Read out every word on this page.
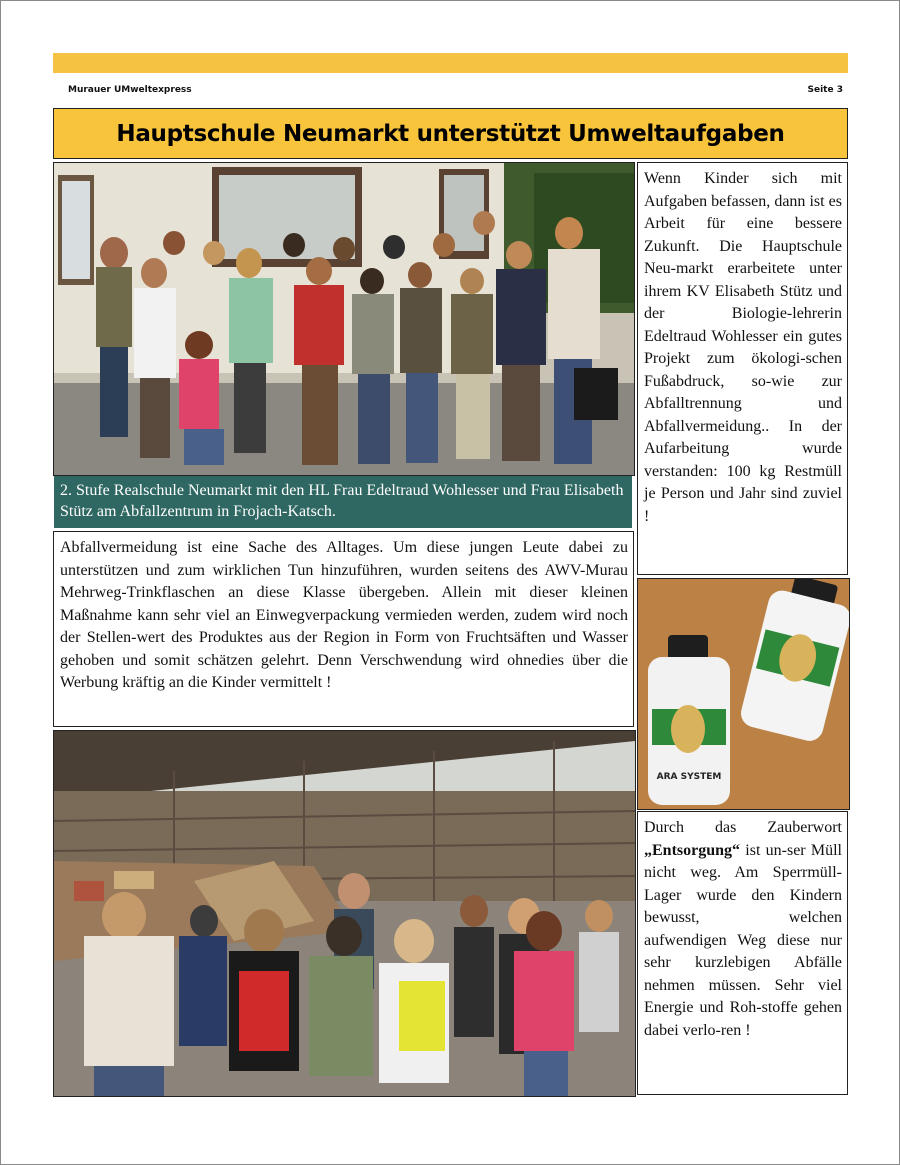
Murauer UMweltexpress	Seite 3
Hauptschule Neumarkt unterstützt Umweltaufgaben
2. Stufe Realschule Neumarkt mit den HL Frau Edeltraud Wohlesser und Frau Elisabeth Stütz am Abfallzentrum in Frojach-Katsch.

Abfallvermeidung ist eine Sache des Alltages. Um diese jungen Leute dabei zu unterstützen und zum wirklichen Tun hinzuführen, wurden seitens des AWV-Murau Mehrweg-Trinkflaschen an diese Klasse übergeben. Allein mit dieser kleinen Maßnahme kann sehr viel an Einwegverpackung vermieden werden, zudem wird noch der Stellen-wert des Produktes aus der Region in Form von Fruchtsäften und Wasser gehoben und somit schätzen gelehrt. Denn Verschwendung wird ohnedies über die Werbung kräftig an die Kinder vermittelt !

Wenn Kinder sich mit Aufgaben befassen, dann ist es Arbeit für eine bessere Zukunft. Die Hauptschule Neu-markt erarbeitete unter ihrem KV Elisabeth Stütz und der Biologie-lehrerin Edeltraud Wohlesser ein gutes Projekt zum ökologi-schen Fußabdruck, so-wie zur Abfalltrennung und Abfallvermeidung.. In der Aufarbeitung wurde verstanden: 100 kg Restmüll je Person und Jahr sind zuviel !

ARA SYSTEM

Durch das Zauberwort „Entsorgung“ ist un-ser Müll nicht weg. Am Sperrmüll-Lager wurde den Kindern bewusst, welchen aufwendigen Weg diese nur sehr kurzlebigen Abfälle nehmen müssen. Sehr viel Energie und Roh-stoffe gehen dabei verlo-ren !
